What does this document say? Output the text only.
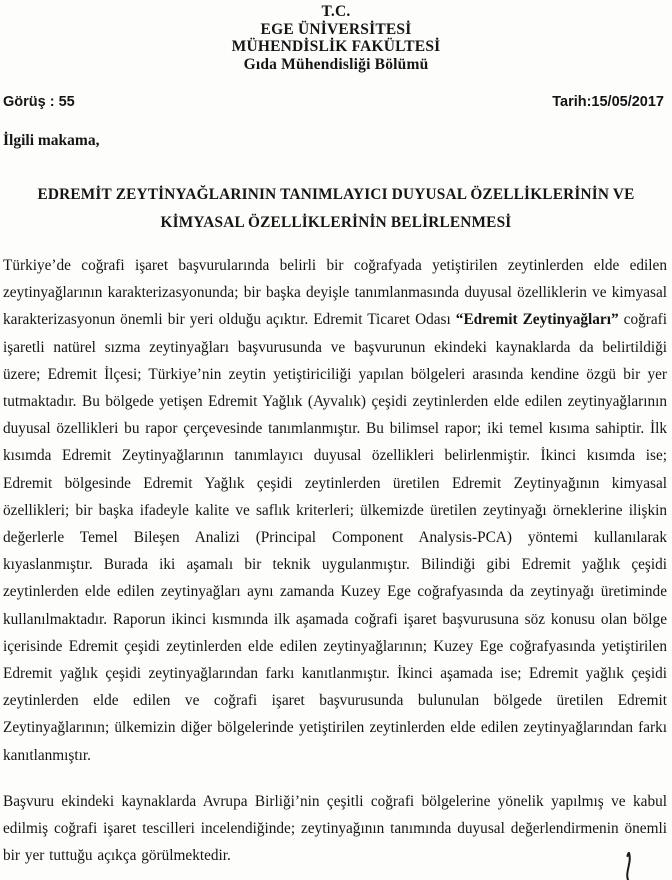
T.C.
EGE ÜNİVERSİTESİ
MÜHENDİSLİK FAKÜLTESİ
Gıda Mühendisliği Bölümü
Görüş : 55	Tarih:15/05/2017
İlgili makama,
EDREMİT ZEYTİNYAĞLARININ TANIMLAYICI DUYUSAL ÖZELLİKLERİNİN VE
KİMYASAL ÖZELLİKLERİNİN BELİRLENMESİ

Türkiye’de coğrafi işaret başvurularında belirli bir coğrafyada yetiştirilen zeytinlerden elde edilen zeytinyağlarının karakterizasyonunda; bir başka deyişle tanımlanmasında duyusal özelliklerin ve kimyasal karakterizasyonun önemli bir yeri olduğu açıktır. Edremit Ticaret Odası “Edremit Zeytinyağları” coğrafi işaretli natürel sızma zeytinyağları başvurusunda ve başvurunun ekindeki kaynaklarda da belirtildiği üzere; Edremit İlçesi; Türkiye’nin zeytin yetiştiriciliği yapılan bölgeleri arasında kendine özgü bir yer tutmaktadır. Bu bölgede yetişen Edremit Yağlık (Ayvalık) çeşidi zeytinlerden elde edilen zeytinyağlarının duyusal özellikleri bu rapor çerçevesinde tanımlanmıştır. Bu bilimsel rapor; iki temel kısıma sahiptir. İlk kısımda Edremit Zeytinyağlarının tanımlayıcı duyusal özellikleri belirlenmiştir. İkinci kısımda ise; Edremit bölgesinde Edremit Yağlık çeşidi zeytinlerden üretilen Edremit Zeytinyağının kimyasal özellikleri; bir başka ifadeyle kalite ve saflık kriterleri; ülkemizde üretilen zeytinyağı örneklerine ilişkin değerlerle Temel Bileşen Analizi (Principal Component Analysis-PCA) yöntemi kullanılarak kıyaslanmıştır. Burada iki aşamalı bir teknik uygulanmıştır. Bilindiği gibi Edremit yağlık çeşidi zeytinlerden elde edilen zeytinyağları aynı zamanda Kuzey Ege coğrafyasında da zeytinyağı üretiminde kullanılmaktadır. Raporun ikinci kısmında ilk aşamada coğrafi işaret başvurusuna söz konusu olan bölge içerisinde Edremit çeşidi zeytinlerden elde edilen zeytinyağlarının; Kuzey Ege coğrafyasında yetiştirilen Edremit yağlık çeşidi zeytinyağlarından farkı kanıtlanmıştır. İkinci aşamada ise; Edremit yağlık çeşidi zeytinlerden elde edilen ve coğrafi işaret başvurusunda bulunulan bölgede üretilen Edremit Zeytinyağlarının; ülkemizin diğer bölgelerinde yetiştirilen zeytinlerden elde edilen zeytinyağlarından farkı kanıtlanmıştır.

Başvuru ekindeki kaynaklarda Avrupa Birliği’nin çeşitli coğrafi bölgelerine yönelik yapılmış ve kabul edilmiş coğrafi işaret tescilleri incelendiğinde; zeytinyağının tanımında duyusal değerlendirmenin önemli bir yer tuttuğu açıkça görülmektedir.
